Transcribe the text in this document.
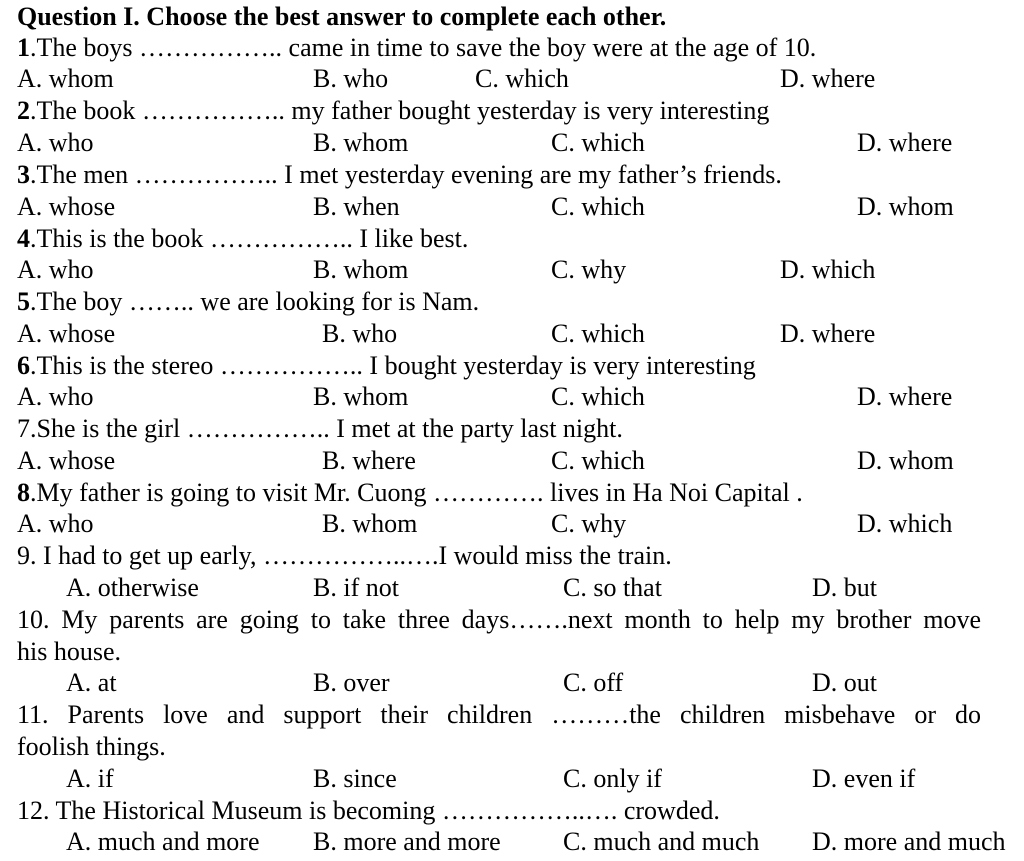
Question I. Choose the best answer to complete each other.
1.The boys …………….. came in time to save the boy were at the age of 10.
A. whom	B. who	C. which	D. where
2.The book …………….. my father bought yesterday is very interesting
A. who	B. whom	C. which	D. where
3.The men …………….. I met yesterday evening are my father’s friends.
A. whose	B. when	C. which	D. whom
4.This is the book …………….. I like best.
A. who	B. whom	C. why	D. which
5.The boy …….. we are looking for is Nam.
A. whose	B. who	C. which	D. where
6.This is the stereo …………….. I bought yesterday is very interesting
A. who	B. whom	C. which	D. where
7.She is the girl …………….. I met at the party last night.
A. whose	B. where	C. which	D. whom
8.My father is going to visit Mr. Cuong …………. lives in Ha Noi Capital .
A. who	B. whom	C. why	D. which
9. I had to get up early, ……………..….I would miss the train.
A. otherwise	B. if not	C. so that	D. but
10. My parents are going to take three days…….next month to help my brother move
his house.
A. at	B. over	C. off	D. out
11. Parents love and support their children ………the children misbehave or do
foolish things.
A. if	B. since	C. only if	D. even if
12. The Historical Museum is becoming ……………..…. crowded.
A. much and more B. more and more C. much and much D. more and much
